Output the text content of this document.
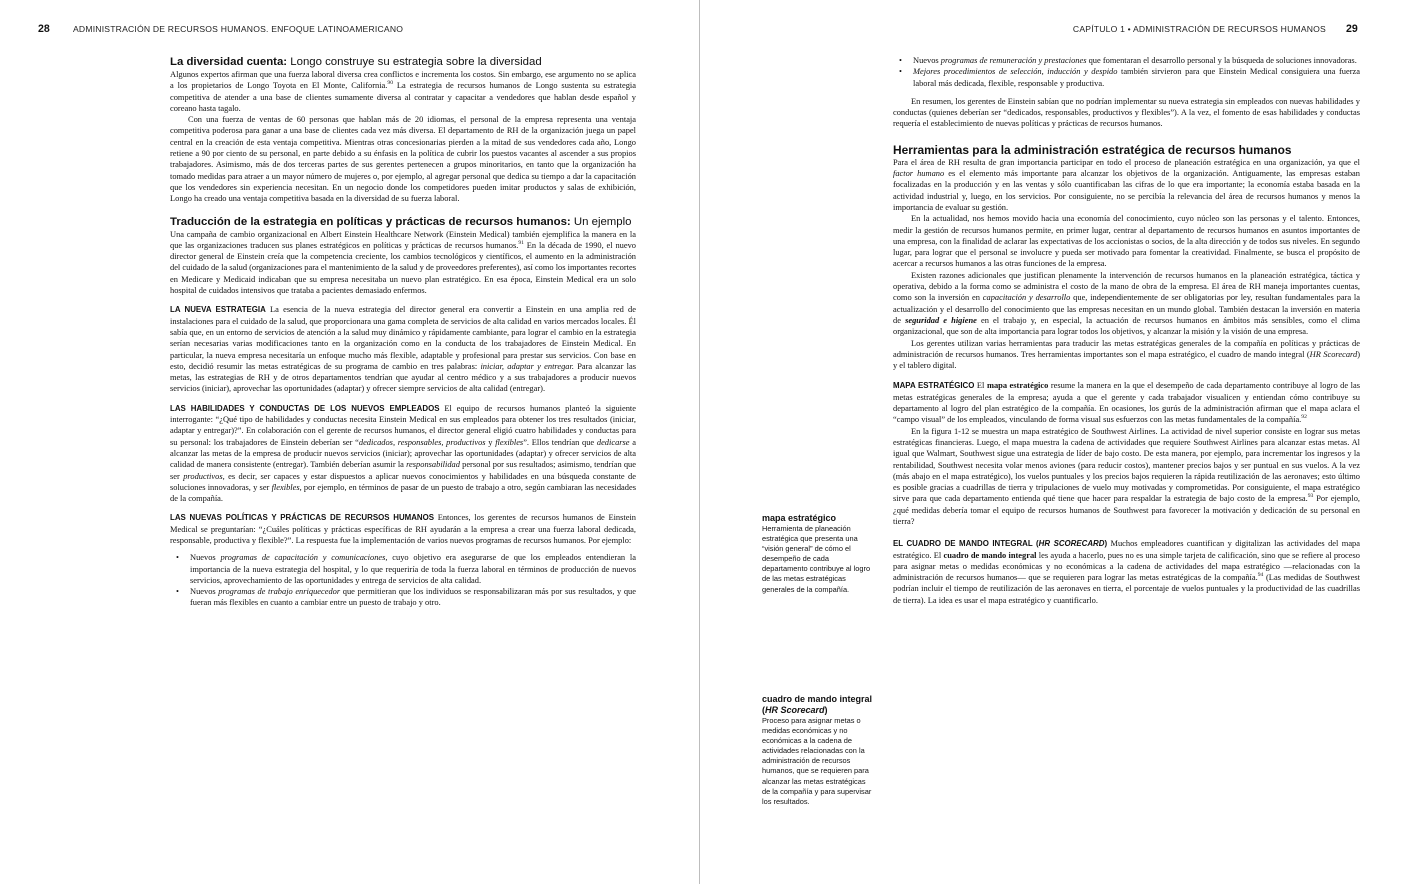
28	ADMINISTRACIÓN DE RECURSOS HUMANOS. ENFOQUE LATINOAMERICANO
La diversidad cuenta: Longo construye su estrategia sobre la diversidad

Algunos expertos afirman que una fuerza laboral diversa crea conflictos e incrementa los costos. Sin embargo, ese argumento no se aplica a los propietarios de Longo Toyota en El Monte, California.$^{90}$ La estrategia de recursos humanos de Longo sustenta su estrategia competitiva de atender a una base de clientes sumamente diversa al contratar y capacitar a vendedores que hablan desde español y coreano hasta tagalo.

Con una fuerza de ventas de 60 personas que hablan más de 20 idiomas, el personal de la empresa representa una ventaja competitiva poderosa para ganar a una base de clientes cada vez más diversa. El departamento de RH de la organización juega un papel central en la creación de esta ventaja competitiva. Mientras otras concesionarias pierden a la mitad de sus vendedores cada año, Longo retiene a 90 por ciento de su personal, en parte debido a su énfasis en la política de cubrir los puestos vacantes al ascender a sus propios trabajadores. Asimismo, más de dos terceras partes de sus gerentes pertenecen a grupos minoritarios, en tanto que la organización ha tomado medidas para atraer a un mayor número de mujeres o, por ejemplo, al agregar personal que dedica su tiempo a dar la capacitación que los vendedores sin experiencia necesitan. En un negocio donde los competidores pueden imitar productos y salas de exhibición, Longo ha creado una ventaja competitiva basada en la diversidad de su fuerza laboral.

Traducción de la estrategia en políticas y prácticas de recursos humanos: Un ejemplo

Una campaña de cambio organizacional en Albert Einstein Healthcare Network (Einstein Medical) también ejemplifica la manera en la que las organizaciones traducen sus planes estratégicos en políticas y prácticas de recursos humanos.$^{91}$ En la década de 1990, el nuevo director general de Einstein creía que la competencia creciente, los cambios tecnológicos y científicos, el aumento en la administración del cuidado de la salud (organizaciones para el mantenimiento de la salud y de proveedores preferentes), así como los importantes recortes en Medicare y Medicaid indicaban que su empresa necesitaba un nuevo plan estratégico. En esa época, Einstein Medical era un solo hospital de cuidados intensivos que trataba a pacientes demasiado enfermos.

LA NUEVA ESTRATEGIA La esencia de la nueva estrategia del director general era convertir a Einstein en una amplia red de instalaciones para el cuidado de la salud, que proporcionara una gama completa de servicios de alta calidad en varios mercados locales. Él sabía que, en un entorno de servicios de atención a la salud muy dinámico y rápidamente cambiante, para lograr el cambio en la estrategia serían necesarias varias modificaciones tanto en la organización como en la conducta de los trabajadores de Einstein Medical. En particular, la nueva empresa necesitaría un enfoque mucho más flexible, adaptable y profesional para prestar sus servicios. Con base en esto, decidió resumir las metas estratégicas de su programa de cambio en tres palabras: iniciar, adaptar y entregar. Para alcanzar las metas, las estrategias de RH y de otros departamentos tendrían que ayudar al centro médico y a sus trabajadores a producir nuevos servicios (iniciar), aprovechar las oportunidades (adaptar) y ofrecer siempre servicios de alta calidad (entregar).

LAS HABILIDADES Y CONDUCTAS DE LOS NUEVOS EMPLEADOS El equipo de recursos humanos planteó la siguiente interrogante: “¿Qué tipo de habilidades y conductas necesita Einstein Medical en sus empleados para obtener los tres resultados (iniciar, adaptar y entregar)?”. En colaboración con el gerente de recursos humanos, el director general eligió cuatro habilidades y conductas para su personal: los trabajadores de Einstein deberían ser “dedicados, responsables, productivos y flexibles”. Ellos tendrían que dedicarse a alcanzar las metas de la empresa de producir nuevos servicios (iniciar); aprovechar las oportunidades (adaptar) y ofrecer servicios de alta calidad de manera consistente (entregar). También deberían asumir la responsabilidad personal por sus resultados; asimismo, tendrían que ser productivos, es decir, ser capaces y estar dispuestos a aplicar nuevos conocimientos y habilidades en una búsqueda constante de soluciones innovadoras, y ser flexibles, por ejemplo, en términos de pasar de un puesto de trabajo a otro, según cambiaran las necesidades de la compañía.

LAS NUEVAS POLÍTICAS Y PRÁCTICAS DE RECURSOS HUMANOS Entonces, los gerentes de recursos humanos de Einstein Medical se preguntarían: “¿Cuáles políticas y prácticas específicas de RH ayudarán a la empresa a crear una fuerza laboral dedicada, responsable, productiva y flexible?”. La respuesta fue la implementación de varios nuevos programas de recursos humanos. Por ejemplo:

• Nuevos programas de capacitación y comunicaciones, cuyo objetivo era asegurarse de que los empleados entendieran la importancia de la nueva estrategia del hospital, y lo que requeriría de toda la fuerza laboral en términos de producción de nuevos servicios, aprovechamiento de las oportunidades y entrega de servicios de alta calidad.
• Nuevos programas de trabajo enriquecedor que permitieran que los individuos se responsabilizaran más por sus resultados, y que fueran más flexibles en cuanto a cambiar entre un puesto de trabajo y otro.
CAPÍTULO 1 • ADMINISTRACIÓN DE RECURSOS HUMANOS 29
• Nuevos programas de remuneración y prestaciones que fomentaran el desarrollo personal y la búsqueda de soluciones innovadoras.
• Mejores procedimientos de selección, inducción y despido también sirvieron para que Einstein Medical consiguiera una fuerza laboral más dedicada, flexible, responsable y productiva.

En resumen, los gerentes de Einstein sabían que no podrían implementar su nueva estrategia sin empleados con nuevas habilidades y conductas (quienes deberían ser “dedicados, responsables, productivos y flexibles”). A la vez, el fomento de esas habilidades y conductas requería el establecimiento de nuevas políticas y prácticas de recursos humanos.

Herramientas para la administración estratégica de recursos humanos

Para el área de RH resulta de gran importancia participar en todo el proceso de planeación estratégica en una organización, ya que el factor humano es el elemento más importante para alcanzar los objetivos de la organización. Antiguamente, las empresas estaban focalizadas en la producción y en las ventas y sólo cuantificaban las cifras de lo que era importante; la economía estaba basada en la actividad industrial y, luego, en los servicios. Por consiguiente, no se percibía la relevancia del área de recursos humanos y menos la importancia de evaluar su gestión.

En la actualidad, nos hemos movido hacia una economía del conocimiento, cuyo núcleo son las personas y el talento. Entonces, medir la gestión de recursos humanos permite, en primer lugar, centrar al departamento de recursos humanos en asuntos importantes de una empresa, con la finalidad de aclarar las expectativas de los accionistas o socios, de la alta dirección y de todos sus niveles. En segundo lugar, para lograr que el personal se involucre y pueda ser motivado para fomentar la creatividad. Finalmente, se busca el propósito de acercar a recursos humanos a las otras funciones de la empresa.

Existen razones adicionales que justifican plenamente la intervención de recursos humanos en la planeación estratégica, táctica y operativa, debido a la forma como se administra el costo de la mano de obra de la empresa. El área de RH maneja importantes cuentas, como son la inversión en capacitación y desarrollo que, independientemente de ser obligatorias por ley, resultan fundamentales para la actualización y el desarrollo del conocimiento que las empresas necesitan en un mundo global. También destacan la inversión en materia de seguridad e higiene en el trabajo y, en especial, la actuación de recursos humanos en ámbitos más sensibles, como el clima organizacional, que son de alta importancia para lograr todos los objetivos, y alcanzar la misión y la visión de una empresa.

Los gerentes utilizan varias herramientas para traducir las metas estratégicas generales de la compañía en políticas y prácticas de administración de recursos humanos. Tres herramientas importantes son el mapa estratégico, el cuadro de mando integral (HR Scorecard) y el tablero digital.

MAPA ESTRATÉGICO El mapa estratégico resume la manera en la que el desempeño de cada departamento contribuye al logro de las metas estratégicas generales de la empresa; ayuda a que el gerente y cada trabajador visualicen y entiendan cómo contribuye su departamento al logro del plan estratégico de la compañía. En ocasiones, los gurús de la administración afirman que el mapa aclara el “campo visual” de los empleados, vinculando de forma visual sus esfuerzos con las metas fundamentales de la compañía.$^{92}$

En la figura 1-12 se muestra un mapa estratégico de Southwest Airlines. La actividad de nivel superior consiste en lograr sus metas estratégicas financieras. Luego, el mapa muestra la cadena de actividades que requiere Southwest Airlines para alcanzar estas metas. Al igual que Walmart, Southwest sigue una estrategia de líder de bajo costo. De esta manera, por ejemplo, para incrementar los ingresos y la rentabilidad, Southwest necesita volar menos aviones (para reducir costos), mantener precios bajos y ser puntual en sus vuelos. A la vez (más abajo en el mapa estratégico), los vuelos puntuales y los precios bajos requieren la rápida reutilización de las aeronaves; esto último es posible gracias a cuadrillas de tierra y tripulaciones de vuelo muy motivadas y comprometidas. Por consiguiente, el mapa estratégico sirve para que cada departamento entienda qué tiene que hacer para respaldar la estrategia de bajo costo de la empresa.$^{93}$ Por ejemplo, ¿qué medidas debería tomar el equipo de recursos humanos de Southwest para favorecer la motivación y dedicación de su personal en tierra?

EL CUADRO DE MANDO INTEGRAL (HR SCORECARD) Muchos empleadores cuantifican y digitalizan las actividades del mapa estratégico. El cuadro de mando integral les ayuda a hacerlo, pues no es una simple tarjeta de calificación, sino que se refiere al proceso para asignar metas o medidas económicas y no económicas a la cadena de actividades del mapa estratégico —relacionadas con la administración de recursos humanos— que se requieren para lograr las metas estratégicas de la compañía.$^{94}$ (Las medidas de Southwest podrían incluir el tiempo de reutilización de las aeronaves en tierra, el porcentaje de vuelos puntuales y la productividad de las cuadrillas de tierra). La idea es usar el mapa estratégico y cuantificarlo.

mapa estratégico
Herramienta de planeación estratégica que presenta una “visión general” de cómo el desempeño de cada departamento contribuye al logro de las metas estratégicas generales de la compañía.
cuadro de mando integral (HR Scorecard)
Proceso para asignar metas o medidas económicas y no económicas a la cadena de actividades relacionadas con la administración de recursos humanos, que se requieren para alcanzar las metas estratégicas de la compañía y para supervisar los resultados.
